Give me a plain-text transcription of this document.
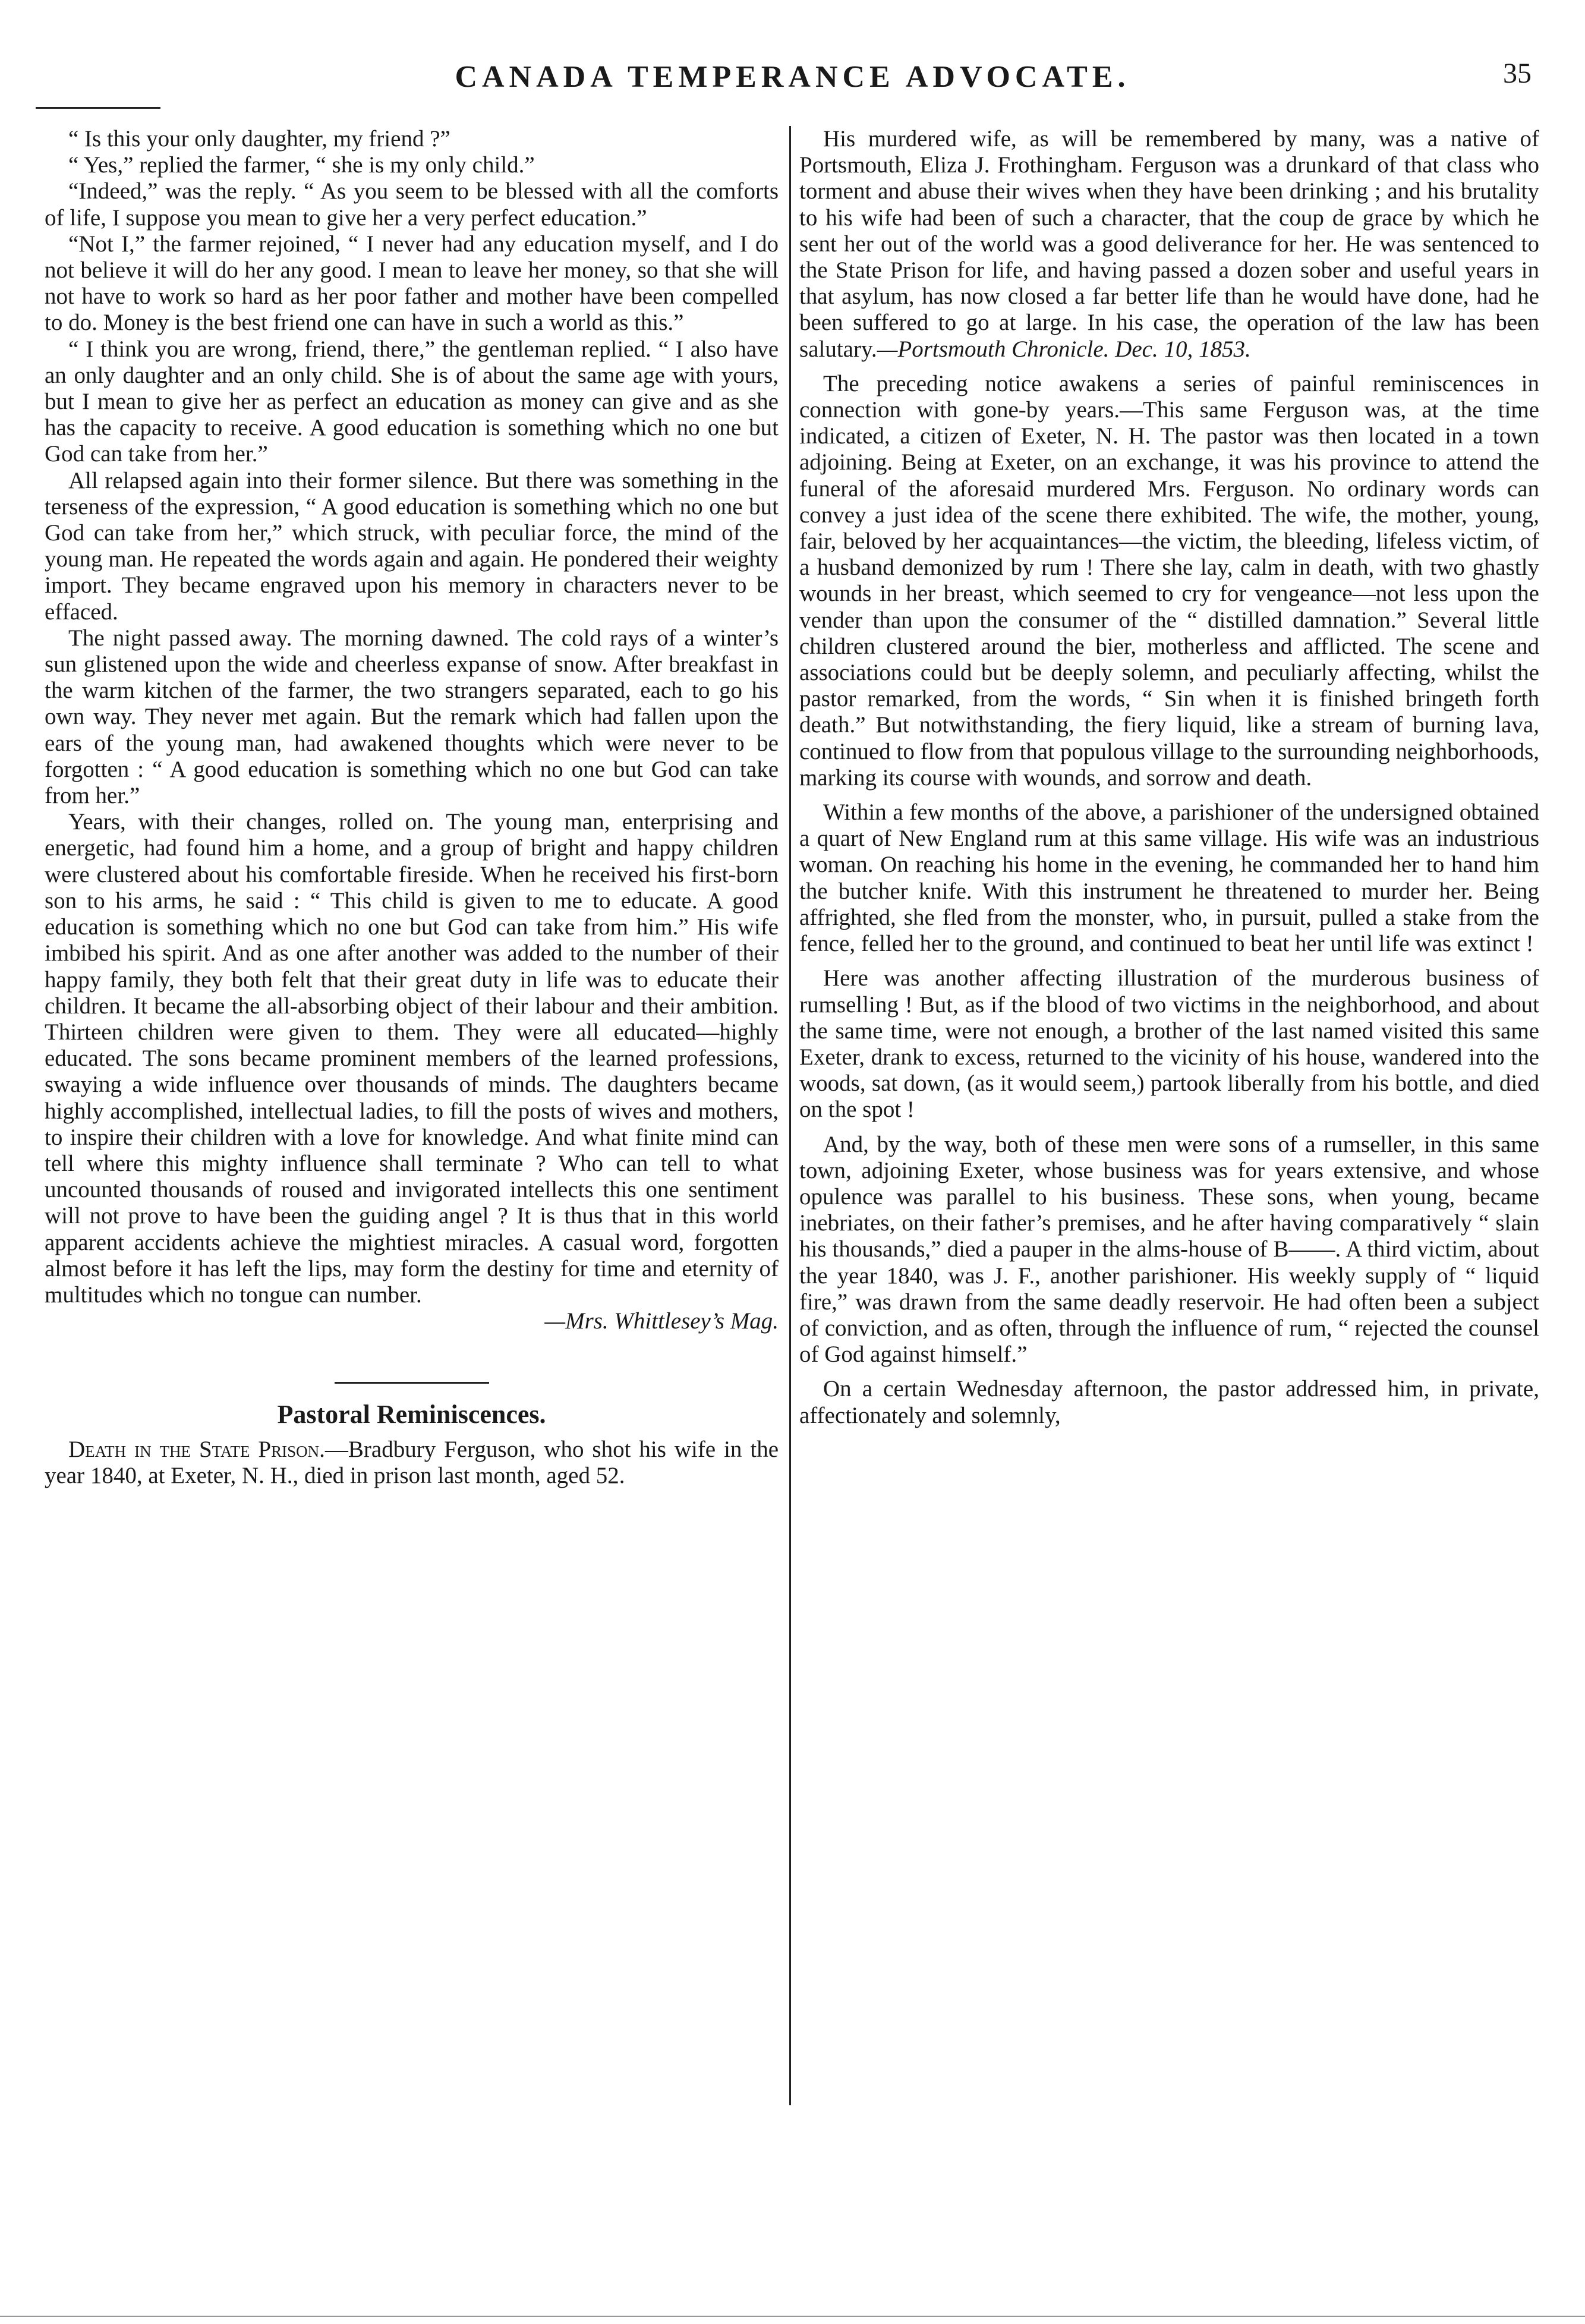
CANADA TEMPERANCE ADVOCATE.	35

“ Is this your only daughter, my friend ?”

“ Yes,” replied the farmer, “ she is my only child.”

“Indeed,” was the reply. “ As you seem to be blessed with all the comforts of life, I suppose you mean to give her a very perfect education.”

“Not I,” the farmer rejoined, “ I never had any education myself, and I do not believe it will do her any good. I mean to leave her money, so that she will not have to work so hard as her poor father and mother have been compelled to do. Money is the best friend one can have in such a world as this.”

“ I think you are wrong, friend, there,” the gentleman replied. “ I also have an only daughter and an only child. She is of about the same age with yours, but I mean to give her as perfect an education as money can give and as she has the capacity to receive. A good education is something which no one but God can take from her.”

All relapsed again into their former silence. But there was something in the terseness of the expression, “ A good education is something which no one but God can take from her,” which struck, with peculiar force, the mind of the young man. He repeated the words again and again. He pondered their weighty import. They became engraved upon his memory in characters never to be effaced.

The night passed away. The morning dawned. The cold rays of a winter’s sun glistened upon the wide and cheerless expanse of snow. After breakfast in the warm kitchen of the farmer, the two strangers separated, each to go his own way. They never met again. But the remark which had fallen upon the ears of the young man, had awakened thoughts which were never to be forgotten : “ A good education is something which no one but God can take from her.”

Years, with their changes, rolled on. The young man, enterprising and energetic, had found him a home, and a group of bright and happy children were clustered about his comfortable fireside. When he received his first-born son to his arms, he said : “ This child is given to me to educate. A good education is something which no one but God can take from him.” His wife imbibed his spirit. And as one after another was added to the number of their happy family, they both felt that their great duty in life was to educate their children. It became the all-absorbing object of their labour and their ambition. Thirteen children were given to them. They were all educated—highly educated. The sons became prominent members of the learned professions, swaying a wide influence over thousands of minds. The daughters became highly accomplished, intellectual ladies, to fill the posts of wives and mothers, to inspire their children with a love for knowledge. And what finite mind can tell where this mighty influence shall terminate ? Who can tell to what uncounted thousands of roused and invigorated intellects this one sentiment will not prove to have been the guiding angel ? It is thus that in this world apparent accidents achieve the mightiest miracles. A casual word, forgotten almost before it has left the lips, may form the destiny for time and eternity of multitudes which no tongue can number.

—Mrs. Whittlesey’s Mag.

Pastoral Reminiscences.

Death in the State Prison.—Bradbury Ferguson, who shot his wife in the year 1840, at Exeter, N. H., died in prison last month, aged 52.

His murdered wife, as will be remembered by many, was a native of Portsmouth, Eliza J. Frothingham. Ferguson was a drunkard of that class who torment and abuse their wives when they have been drinking ; and his brutality to his wife had been of such a character, that the coup de grace by which he sent her out of the world was a good deliverance for her. He was sentenced to the State Prison for life, and having passed a dozen sober and useful years in that asylum, has now closed a far better life than he would have done, had he been suffered to go at large. In his case, the operation of the law has been salutary.—Portsmouth Chronicle. Dec. 10, 1853.

The preceding notice awakens a series of painful reminiscences in connection with gone-by years.—This same Ferguson was, at the time indicated, a citizen of Exeter, N. H. The pastor was then located in a town adjoining. Being at Exeter, on an exchange, it was his province to attend the funeral of the aforesaid murdered Mrs. Ferguson. No ordinary words can convey a just idea of the scene there exhibited. The wife, the mother, young, fair, beloved by her acquaintances—the victim, the bleeding, lifeless victim, of a husband demonized by rum ! There she lay, calm in death, with two ghastly wounds in her breast, which seemed to cry for vengeance—not less upon the vender than upon the consumer of the “ distilled damnation.” Several little children clustered around the bier, motherless and afflicted. The scene and associations could but be deeply solemn, and peculiarly affecting, whilst the pastor remarked, from the words, “ Sin when it is finished bringeth forth death.” But notwithstanding, the fiery liquid, like a stream of burning lava, continued to flow from that populous village to the surrounding neighborhoods, marking its course with wounds, and sorrow and death.

Within a few months of the above, a parishioner of the undersigned obtained a quart of New England rum at this same village. His wife was an industrious woman. On reaching his home in the evening, he commanded her to hand him the butcher knife. With this instrument he threatened to murder her. Being affrighted, she fled from the monster, who, in pursuit, pulled a stake from the fence, felled her to the ground, and continued to beat her until life was extinct !

Here was another affecting illustration of the murderous business of rumselling ! But, as if the blood of two victims in the neighborhood, and about the same time, were not enough, a brother of the last named visited this same Exeter, drank to excess, returned to the vicinity of his house, wandered into the woods, sat down, (as it would seem,) partook liberally from his bottle, and died on the spot !

And, by the way, both of these men were sons of a rumseller, in this same town, adjoining Exeter, whose business was for years extensive, and whose opulence was parallel to his business. These sons, when young, became inebriates, on their father’s premises, and he after having comparatively “ slain his thousands,” died a pauper in the alms-house of B——. A third victim, about the year 1840, was J. F., another parishioner. His weekly supply of “ liquid fire,” was drawn from the same deadly reservoir. He had often been a subject of conviction, and as often, through the influence of rum, “ rejected the counsel of God against himself.”

On a certain Wednesday afternoon, the pastor addressed him, in private, affectionately and solemnly,
